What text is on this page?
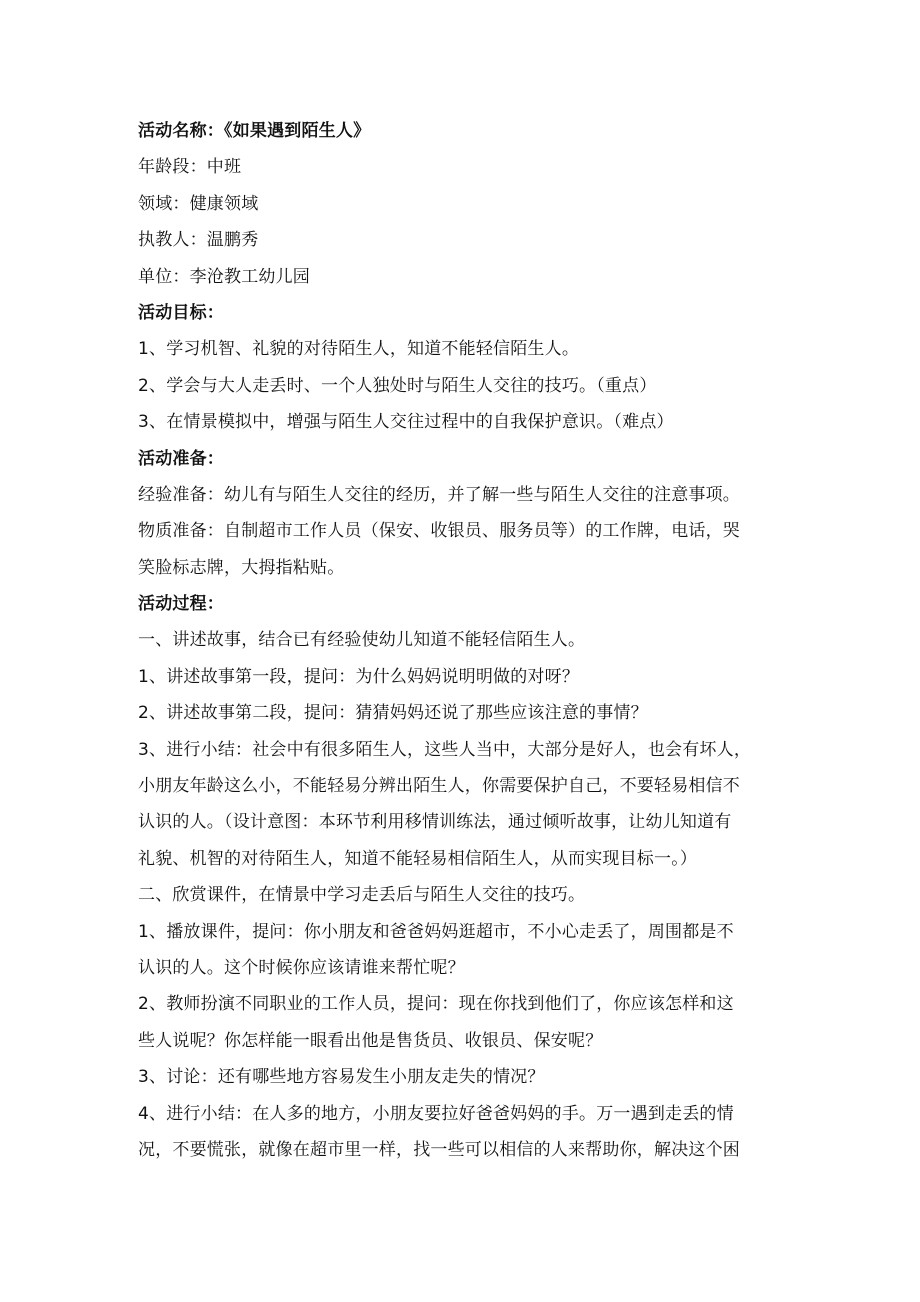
活动名称：《如果遇到陌生人》
年龄段：中班
领域：健康领域
执教人：温鹏秀
单位：李沧教工幼儿园
活动目标：
1、学习机智、礼貌的对待陌生人，知道不能轻信陌生人。
2、学会与大人走丢时、一个人独处时与陌生人交往的技巧。（重点）
3、在情景模拟中，增强与陌生人交往过程中的自我保护意识。（难点）
活动准备：
经验准备：幼儿有与陌生人交往的经历，并了解一些与陌生人交往的注意事项。
物质准备：自制超市工作人员（保安、收银员、服务员等）的工作牌，电话，哭
笑脸标志牌，大拇指粘贴。
活动过程：
一、讲述故事，结合已有经验使幼儿知道不能轻信陌生人。
1、讲述故事第一段，提问：为什么妈妈说明明做的对呀？
2、讲述故事第二段，提问：猜猜妈妈还说了那些应该注意的事情？
3、进行小结：社会中有很多陌生人，这些人当中，大部分是好人，也会有坏人，
小朋友年龄这么小，不能轻易分辨出陌生人，你需要保护自己，不要轻易相信不
认识的人。（设计意图：本环节利用移情训练法，通过倾听故事，让幼儿知道有
礼貌、机智的对待陌生人，知道不能轻易相信陌生人，从而实现目标一。）
二、欣赏课件，在情景中学习走丢后与陌生人交往的技巧。
1、播放课件，提问：你小朋友和爸爸妈妈逛超市，不小心走丢了，周围都是不
认识的人。这个时候你应该请谁来帮忙呢？
2、教师扮演不同职业的工作人员，提问：现在你找到他们了，你应该怎样和这
些人说呢？你怎样能一眼看出他是售货员、收银员、保安呢？
3、讨论：还有哪些地方容易发生小朋友走失的情况？
4、进行小结：在人多的地方，小朋友要拉好爸爸妈妈的手。万一遇到走丢的情
况，不要慌张，就像在超市里一样，找一些可以相信的人来帮助你，解决这个困
